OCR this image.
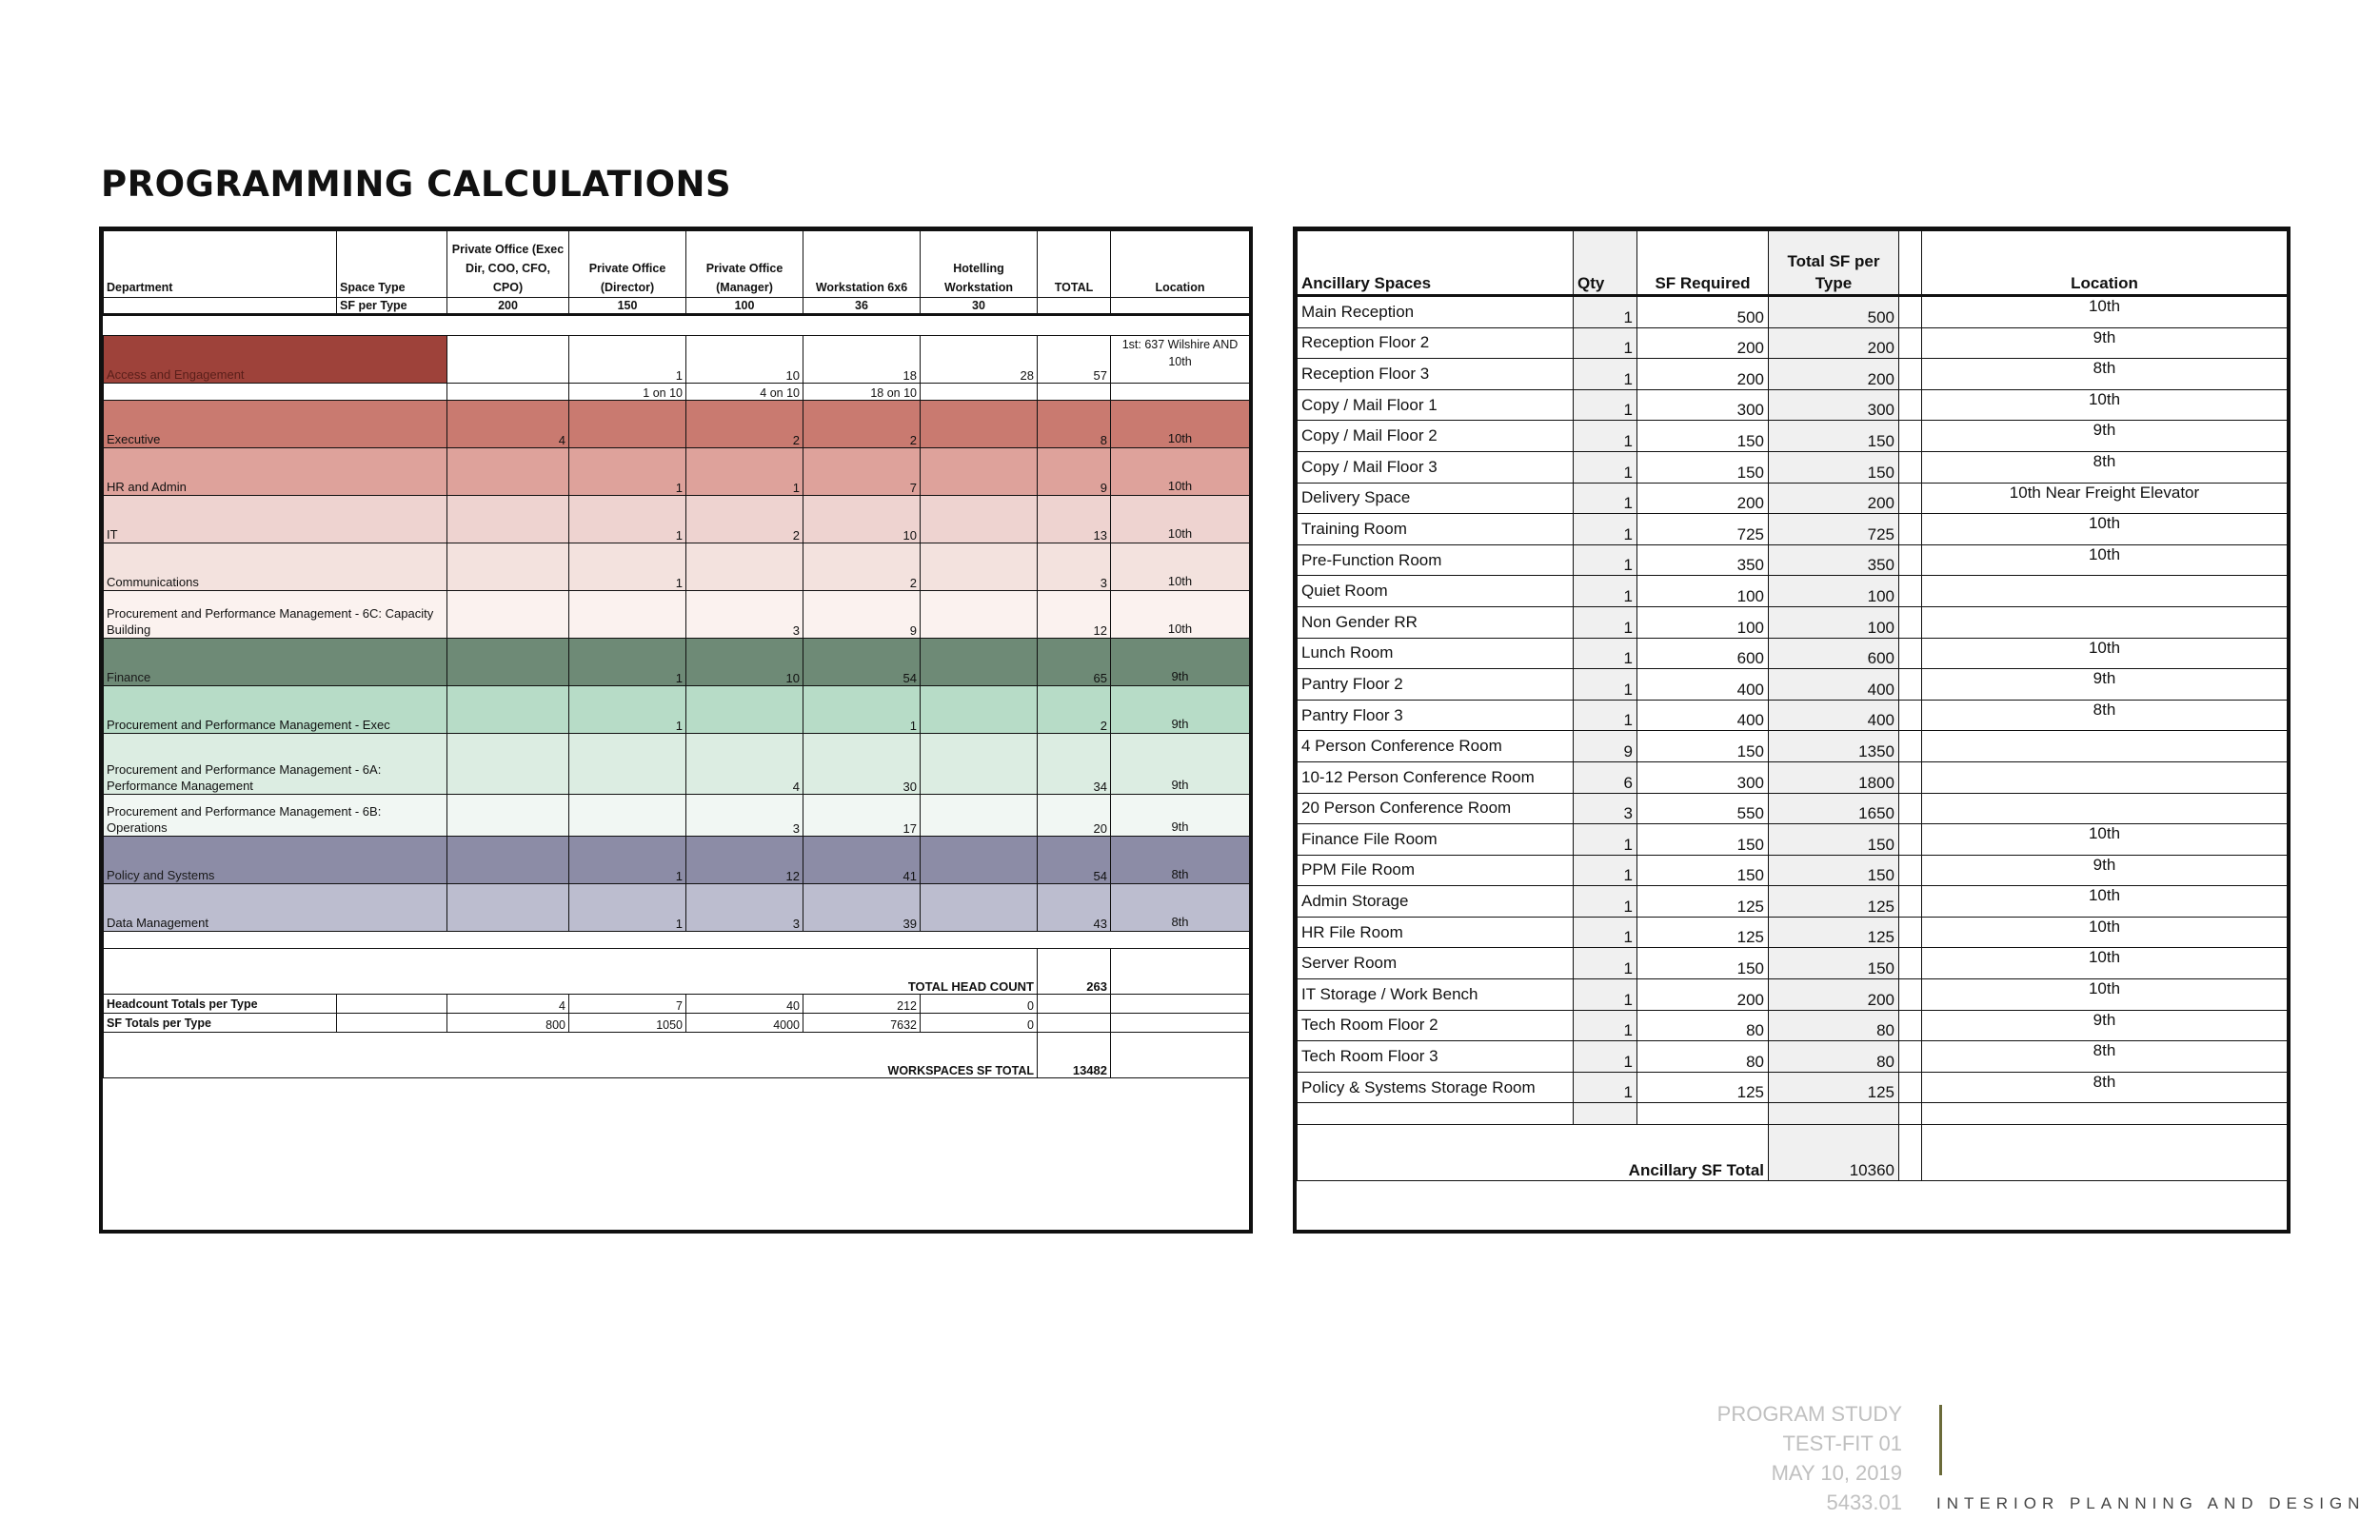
PROGRAMMING CALCULATIONS
Department	Space Type	Private Office (Exec Dir, COO, CFO, CPO)	Private Office (Director)	Private Office (Manager)	Workstation 6x6	Hotelling Workstation	TOTAL	Location
	SF per Type	200	150	100	36	30		

Access and Engagement			1	10	18	28	57	1st: 637 Wilshire AND 10th
			1 on 10	4 on 10	18 on 10			
Executive		4		2	2		8	10th
HR and Admin			1	1	7		9	10th
IT			1	2	10		13	10th
Communications			1		2		3	10th
Procurement and Performance Management - 6C: Capacity Building				3	9		12	10th
Finance			1	10	54		65	9th
Procurement and Performance Management - Exec			1		1		2	9th
Procurement and Performance Management - 6A: Performance Management				4	30		34	9th
Procurement and Performance Management - 6B: Operations				3	17		20	9th
Policy and Systems			1	12	41		54	8th
Data Management			1	3	39		43	8th

TOTAL HEAD COUNT							263	
Headcount Totals per Type		4	7	40	212	0		
SF Totals per Type		800	1050	4000	7632	0		
WORKSPACES SF TOTAL							13482	
Ancillary Spaces	Qty	SF Required	Total SF per Type		Location
Main Reception	1	500	500		10th
Reception Floor 2	1	200	200		9th
Reception Floor 3	1	200	200		8th
Copy / Mail Floor 1	1	300	300		10th
Copy / Mail Floor 2	1	150	150		9th
Copy / Mail Floor 3	1	150	150		8th
Delivery Space	1	200	200		10th Near Freight Elevator
Training Room	1	725	725		10th
Pre-Function Room	1	350	350		10th
Quiet Room	1	100	100		
Non Gender RR	1	100	100		
Lunch Room	1	600	600		10th
Pantry Floor 2	1	400	400		9th
Pantry Floor 3	1	400	400		8th
4 Person Conference Room	9	150	1350		
10-12 Person Conference Room	6	300	1800		
20 Person Conference Room	3	550	1650		
Finance File Room	1	150	150		10th
PPM File Room	1	150	150		9th
Admin Storage	1	125	125		10th
HR File Room	1	125	125		10th
Server Room	1	150	150		10th
IT Storage / Work Bench	1	200	200		10th
Tech Room Floor 2	1	80	80		9th
Tech Room Floor 3	1	80	80		8th
Policy & Systems Storage Room	1	125	125		8th

Ancillary SF Total			10360		
PROGRAM STUDY
TEST-FIT 01
MAY 10, 2019
5433.01 INTERIOR PLANNING AND DESIGN
